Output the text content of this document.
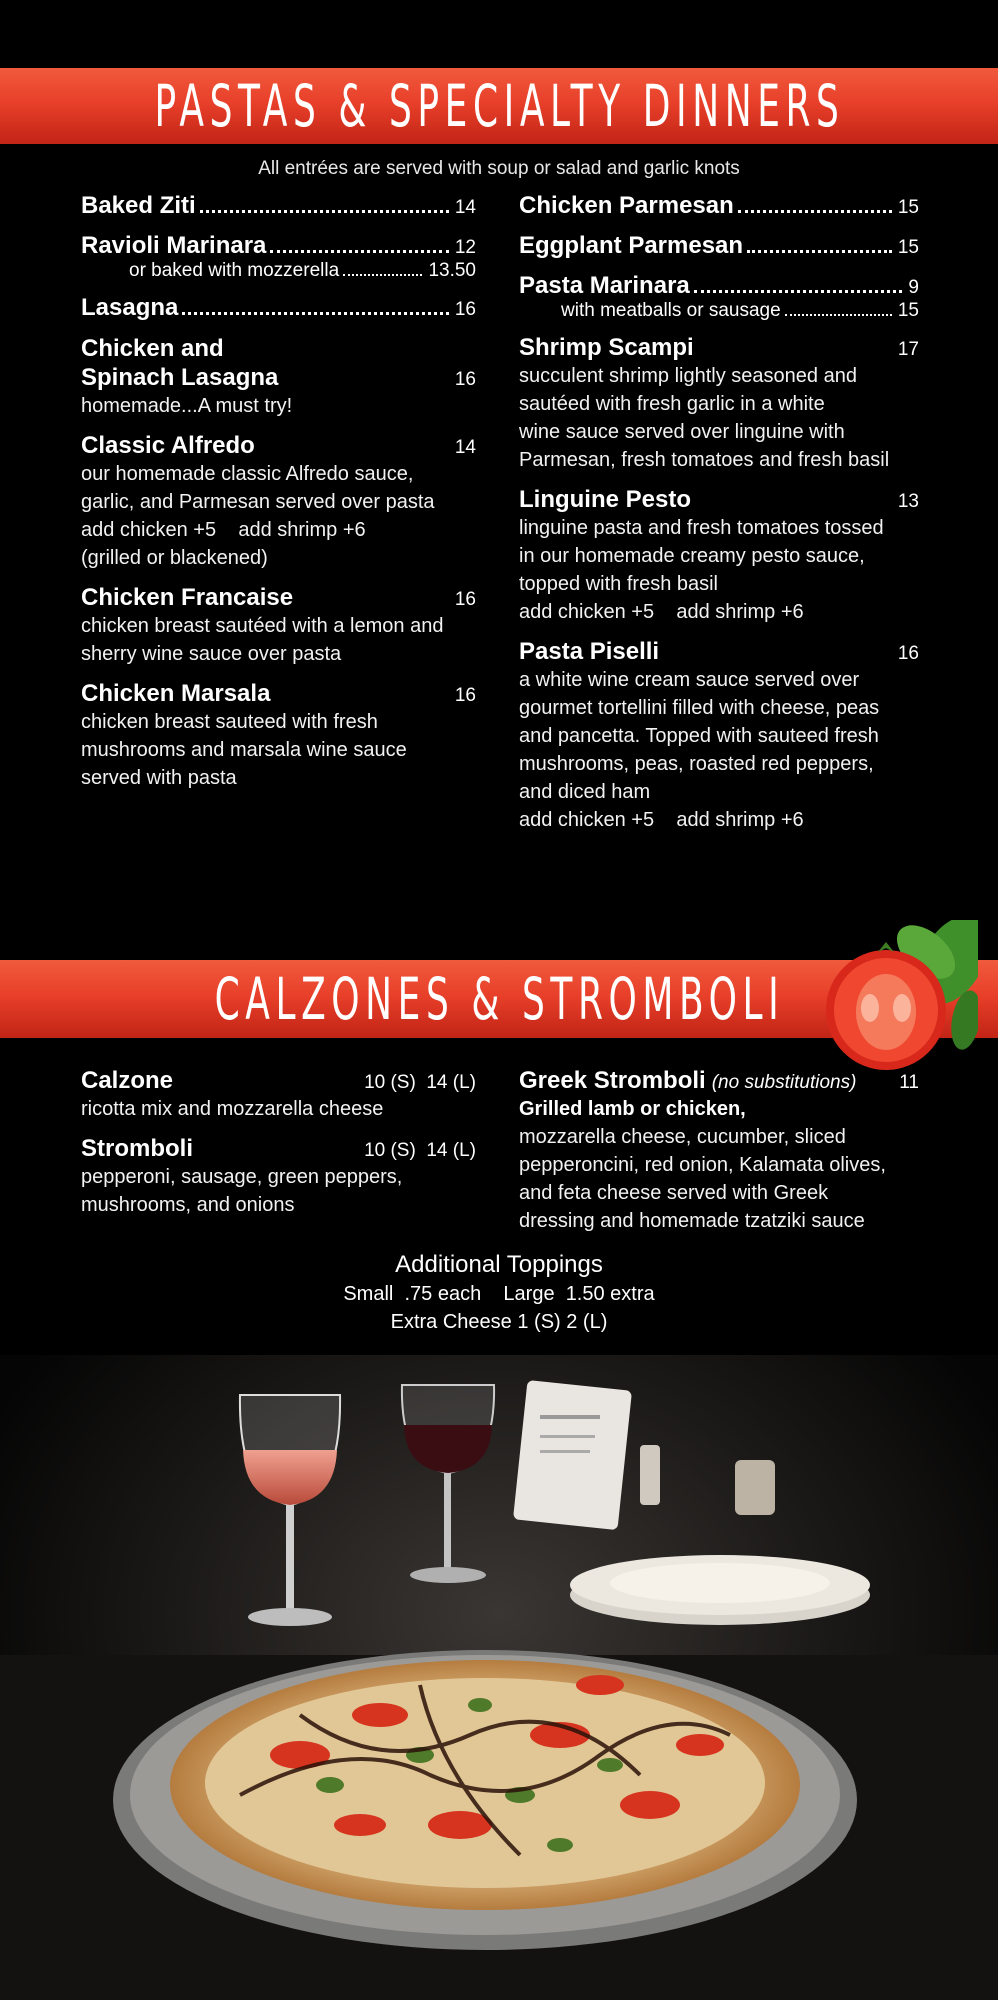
PASTAS & SPECIALTY DINNERS
All entrées are served with soup or salad and garlic knots
Baked Ziti	14
Ravioli Marinara	12
or baked with mozzerella	13.50
Lasagna	16
Chicken and
Spinach Lasagna	16
homemade...A must try!
Classic Alfredo	14
our homemade classic Alfredo sauce,
garlic, and Parmesan served over pasta
add chicken +5    add shrimp +6
(grilled or blackened)
Chicken Francaise	16
chicken breast sautéed with a lemon and
sherry wine sauce over pasta
Chicken Marsala	16
chicken breast sauteed with fresh
mushrooms and marsala wine sauce
served with pasta
Chicken Parmesan	15
Eggplant Parmesan	15
Pasta Marinara	9
with meatballs or sausage	15
Shrimp Scampi	17
succulent shrimp lightly seasoned and
sautéed with fresh garlic in a white
wine sauce served over linguine with
Parmesan, fresh tomatoes and fresh basil
Linguine Pesto	13
linguine pasta and fresh tomatoes tossed
in our homemade creamy pesto sauce,
topped with fresh basil
add chicken +5    add shrimp +6
Pasta Piselli	16
a white wine cream sauce served over
gourmet tortellini filled with cheese, peas
and pancetta. Topped with sauteed fresh
mushrooms, peas, roasted red peppers,
and diced ham
add chicken +5    add shrimp +6
CALZONES & STROMBOLI
Calzone	10 (S)  14 (L)
ricotta mix and mozzarella cheese
Stromboli	10 (S)  14 (L)
pepperoni, sausage, green peppers,
mushrooms, and onions
Greek Stromboli (no substitutions) 11
Grilled lamb or chicken,
mozzarella cheese, cucumber, sliced
pepperoncini, red onion, Kalamata olives,
and feta cheese served with Greek
dressing and homemade tzatziki sauce
Additional Toppings
Small  .75 each    Large  1.50 extra
Extra Cheese 1 (S) 2 (L)
